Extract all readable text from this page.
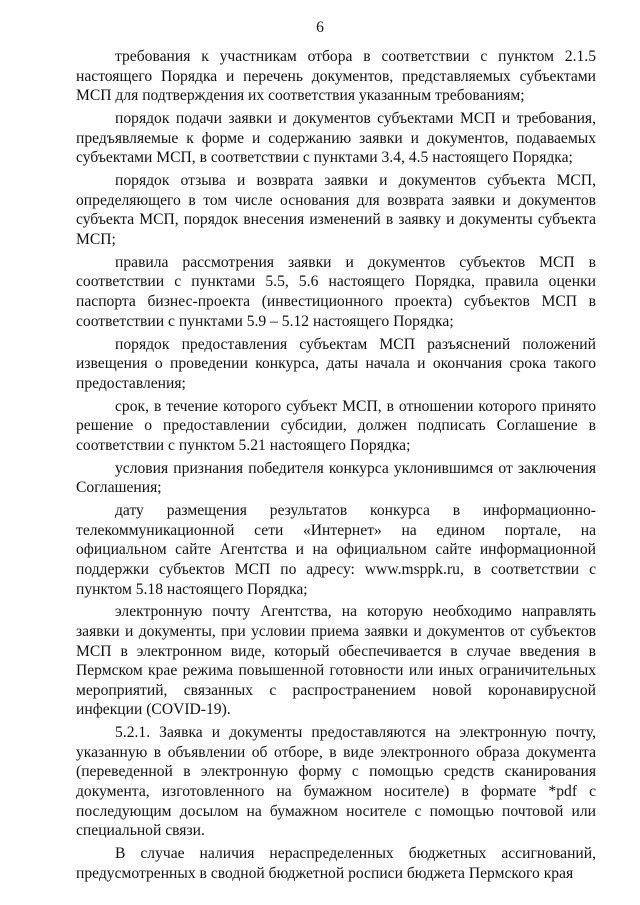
6

требования к участникам отбора в соответствии с пунктом 2.1.5 настоящего Порядка и перечень документов, представляемых субъектами МСП для подтверждения их соответствия указанным требованиям;

порядок подачи заявки и документов субъектами МСП и требования, предъявляемые к форме и содержанию заявки и документов, подаваемых субъектами МСП, в соответствии с пунктами 3.4, 4.5 настоящего Порядка;

порядок отзыва и возврата заявки и документов субъекта МСП, определяющего в том числе основания для возврата заявки и документов субъекта МСП, порядок внесения изменений в заявку и документы субъекта МСП;

правила рассмотрения заявки и документов субъектов МСП в соответствии с пунктами 5.5, 5.6 настоящего Порядка, правила оценки паспорта бизнес-проекта (инвестиционного проекта) субъектов МСП в соответствии с пунктами 5.9 – 5.12 настоящего Порядка;

порядок предоставления субъектам МСП разъяснений положений извещения о проведении конкурса, даты начала и окончания срока такого предоставления;

срок, в течение которого субъект МСП, в отношении которого принято решение о предоставлении субсидии, должен подписать Соглашение в соответствии с пунктом 5.21 настоящего Порядка;

условия признания победителя конкурса уклонившимся от заключения Соглашения;

дату размещения результатов конкурса в информационно-телекоммуникационной сети «Интернет» на едином портале, на официальном сайте Агентства и на официальном сайте информационной поддержки субъектов МСП по адресу: www.msppk.ru, в соответствии с пунктом 5.18 настоящего Порядка;

электронную почту Агентства, на которую необходимо направлять заявки и документы, при условии приема заявки и документов от субъектов МСП в электронном виде, который обеспечивается в случае введения в Пермском крае режима повышенной готовности или иных ограничительных мероприятий, связанных с распространением новой коронавирусной инфекции (COVID-19).

5.2.1. Заявка и документы предоставляются на электронную почту, указанную в объявлении об отборе, в виде электронного образа документа (переведенной в электронную форму с помощью средств сканирования документа, изготовленного на бумажном носителе) в формате *pdf с последующим досылом на бумажном носителе с помощью почтовой или специальной связи.

В случае наличия нераспределенных бюджетных ассигнований, предусмотренных в сводной бюджетной росписи бюджета Пермского края
